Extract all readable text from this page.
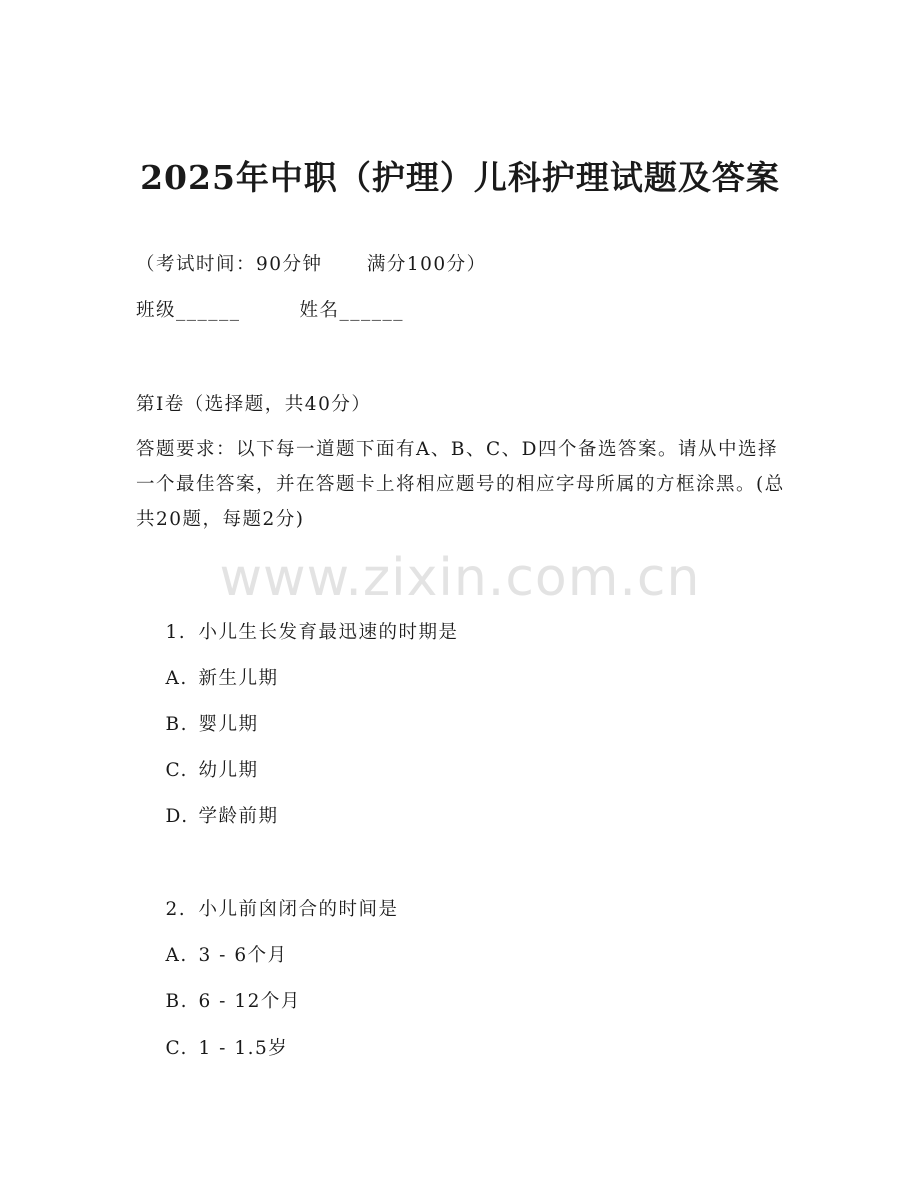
2025年中职（护理）儿科护理试题及答案
（考试时间：90分钟      满分100分）
班级______        姓名______
第I卷（选择题，共40分）
答题要求：以下每一道题下面有A、B、C、D四个备选答案。请从中选择一个最佳答案，并在答题卡上将相应题号的相应字母所属的方框涂黑。(总共20题，每题2分)
www.zixin.com.cn

1. 小儿生长发育最迅速的时期是

A. 新生儿期

B. 婴儿期

C. 幼儿期

D. 学龄前期

2. 小儿前囟闭合的时间是

A. 3 - 6个月

B. 6 - 12个月

C. 1 - 1.5岁
